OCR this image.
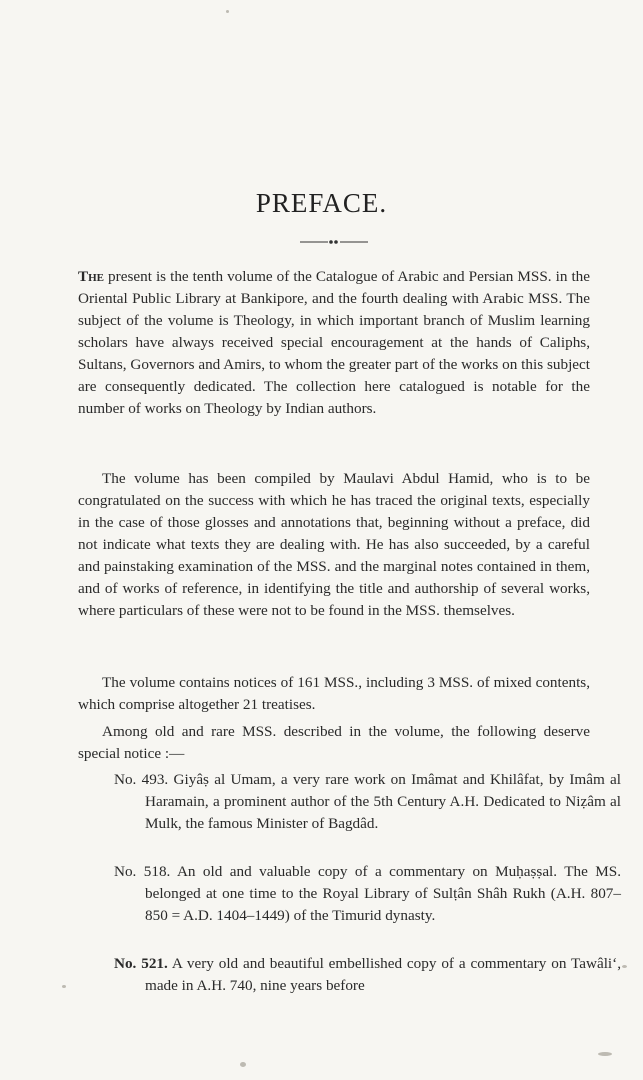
PREFACE.

The present is the tenth volume of the Catalogue of Arabic and Persian MSS. in the Oriental Public Library at Bankipore, and the fourth dealing with Arabic MSS. The subject of the volume is Theology, in which important branch of Muslim learning scholars have always received special encouragement at the hands of Caliphs, Sultans, Governors and Amirs, to whom the greater part of the works on this subject are consequently dedicated. The collection here catalogued is notable for the number of works on Theology by Indian authors.

The volume has been compiled by Maulavi Abdul Hamid, who is to be congratulated on the success with which he has traced the original texts, especially in the case of those glosses and annotations that, beginning without a preface, did not indicate what texts they are dealing with. He has also succeeded, by a careful and painstaking examination of the MSS. and the marginal notes contained in them, and of works of reference, in identifying the title and authorship of several works, where particulars of these were not to be found in the MSS. themselves.

The volume contains notices of 161 MSS., including 3 MSS. of mixed contents, which comprise altogether 21 treatises.

Among old and rare MSS. described in the volume, the following deserve special notice :—

No. 493. Giyâṣ al Umam, a very rare work on Imâmat and Khilâfat, by Imâm al Haramain, a prominent author of the 5th Century A.H. Dedicated to Niẓâm al Mulk, the famous Minister of Bagdâd.
No. 518. An old and valuable copy of a commentary on Muḥaṣṣal. The MS. belonged at one time to the Royal Library of Sulṭân Shâh Rukh (A.H. 807–850 = A.D. 1404–1449) of the Timurid dynasty.
No. 521. A very old and beautiful embellished copy of a commentary on Tawâliʻ, made in A.H. 740, nine years before
